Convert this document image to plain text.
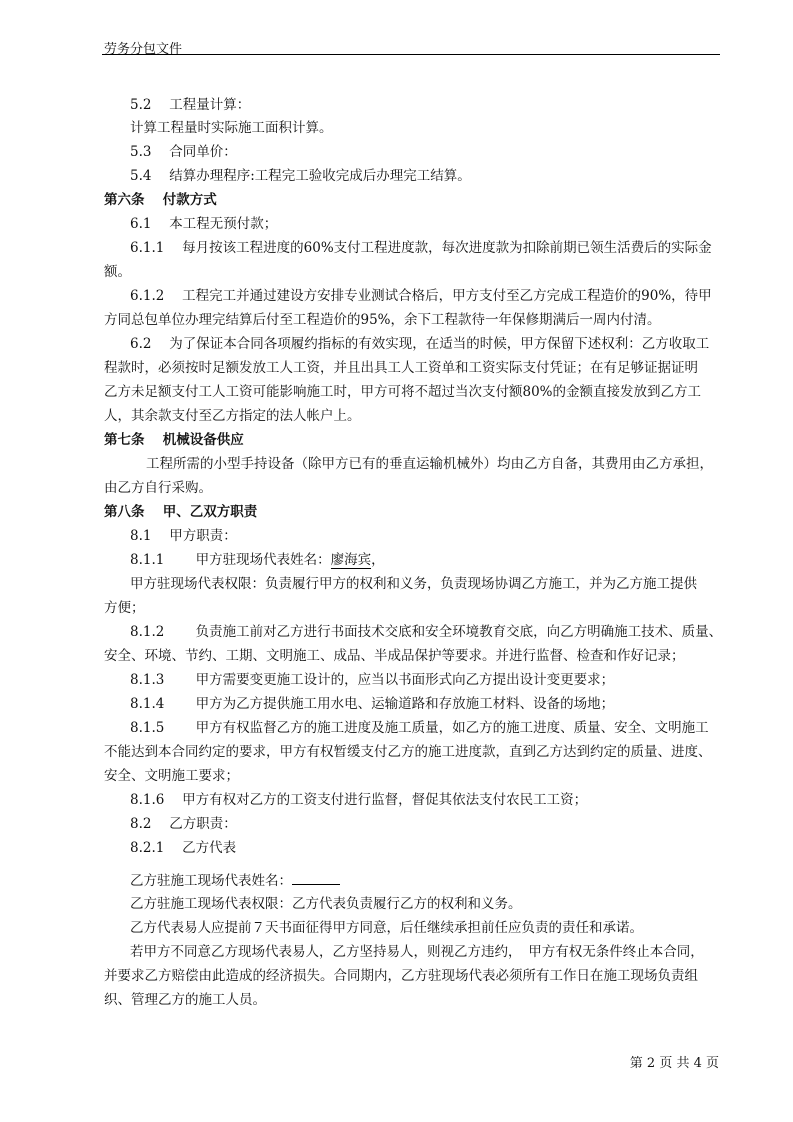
劳务分包文件
5.2　 工程量计算：
计算工程量时实际施工面积计算。
5.3　 合同单价：
5.4　 结算办理程序:工程完工验收完成后办理完工结算。
第六条　 付款方式
6.1　 本工程无预付款；
6.1.1　 每月按该工程进度的60%支付工程进度款，每次进度款为扣除前期已领生活费后的实际金
额。
6.1.2　 工程完工并通过建设方安排专业测试合格后，甲方支付至乙方完成工程造价的90%，待甲
方同总包单位办理完结算后付至工程造价的95%，余下工程款待一年保修期满后一周内付清。
6.2　 为了保证本合同各项履约指标的有效实现，在适当的时候，甲方保留下述权利：乙方收取工
程款时，必须按时足额发放工人工资，并且出具工人工资单和工资实际支付凭证；在有足够证据证明
乙方未足额支付工人工资可能影响施工时，甲方可将不超过当次支付额80%的金额直接发放到乙方工
人，其余款支付至乙方指定的法人帐户上。
第七条　 机械设备供应
工程所需的小型手持设备（除甲方已有的垂直运输机械外）均由乙方自备，其费用由乙方承担，
由乙方自行采购。
第八条　 甲、乙双方职责
8.1　 甲方职责：
8.1.1　　 甲方驻现场代表姓名：廖海宾，
甲方驻现场代表权限：负责履行甲方的权利和义务，负责现场协调乙方施工，并为乙方施工提供
方便；
8.1.2　　 负责施工前对乙方进行书面技术交底和安全环境教育交底，向乙方明确施工技术、质量、
安全、环境、节约、工期、文明施工、成品、半成品保护等要求。并进行监督、检查和作好记录；
8.1.3　　 甲方需要变更施工设计的，应当以书面形式向乙方提出设计变更要求；
8.1.4　　 甲方为乙方提供施工用水电、运输道路和存放施工材料、设备的场地；
8.1.5　　 甲方有权监督乙方的施工进度及施工质量，如乙方的施工进度、质量、安全、文明施工
不能达到本合同约定的要求，甲方有权暂缓支付乙方的施工进度款，直到乙方达到约定的质量、进度、
安全、文明施工要求；
8.1.6　 甲方有权对乙方的工资支付进行监督，督促其依法支付农民工工资；
8.2　 乙方职责：
8.2.1　 乙方代表
乙方驻施工现场代表姓名：
乙方驻施工现场代表权限：乙方代表负责履行乙方的权利和义务。
乙方代表易人应提前７天书面征得甲方同意，后任继续承担前任应负责的责任和承诺。
若甲方不同意乙方现场代表易人，乙方坚持易人，则视乙方违约，　甲方有权无条件终止本合同，
并要求乙方赔偿由此造成的经济损失。合同期内，乙方驻现场代表必须所有工作日在施工现场负责组
织、管理乙方的施工人员。
第 2 页 共 4 页
